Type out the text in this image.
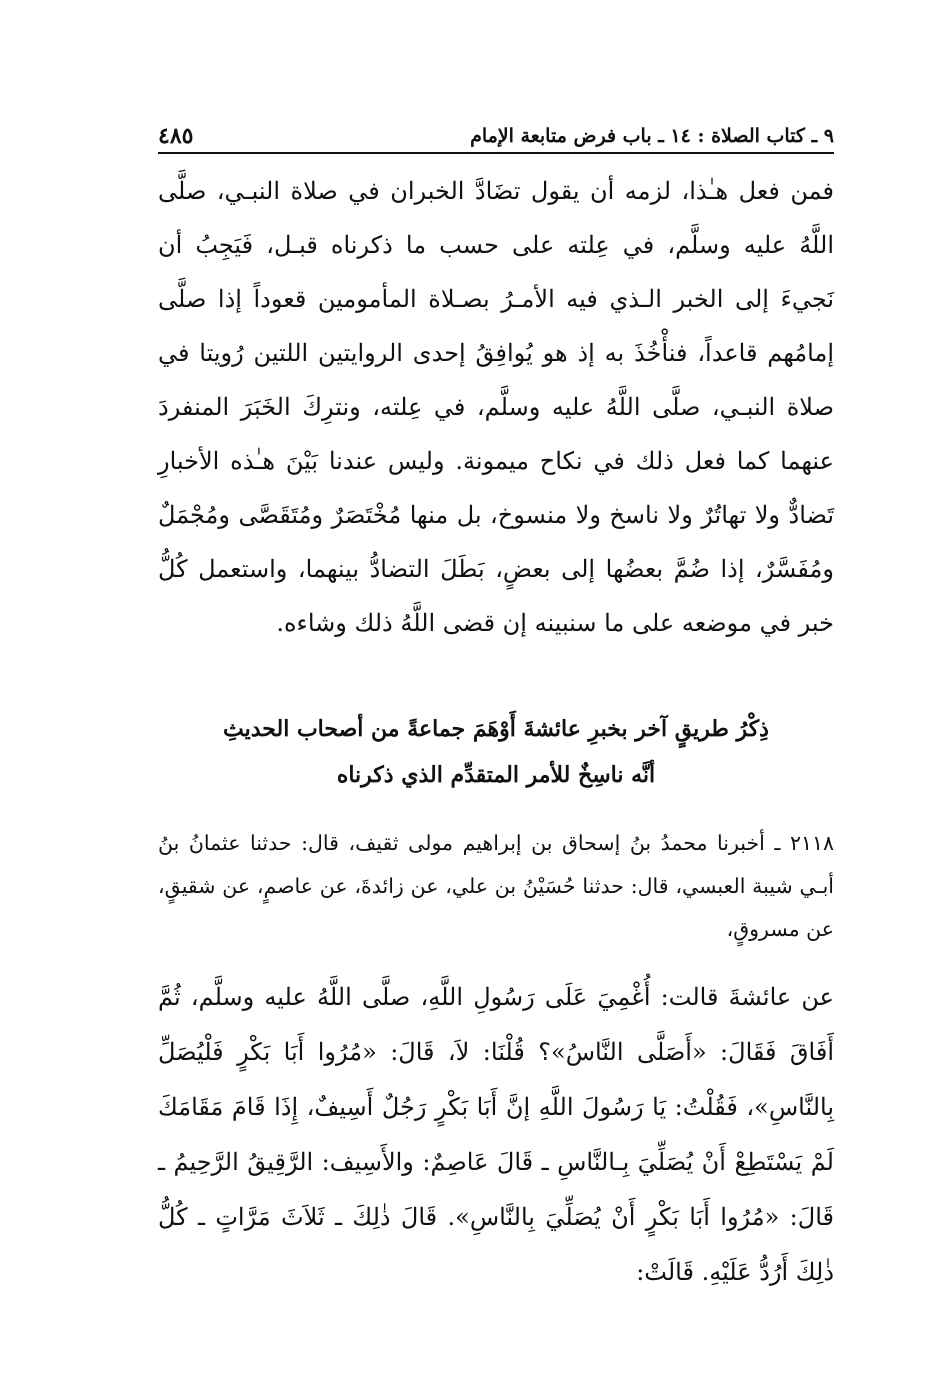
٩ ـ كتاب الصلاة : ١٤ ـ باب فرض متابعة الإمام
٤٨٥

فمن فعل هـٰذا، لزمه أن يقول تضَادَّ الخبران في صلاة النبـي، صلَّى اللَّهُ عليه وسلَّم، في عِلته على حسب ما ذكرناه قبـل، فَيَجِبُ أن نَجيءَ إلى الخبر الـذي فيه الأمـرُ بصـلاة المأمومين قعوداً إذا صلَّى إمامُهم قاعداً، فنأْخُذَ به إذ هو يُوافِقُ إحدى الروايتين اللتين رُويتا في صلاة النبـي، صلَّى اللَّهُ عليه وسلَّم، في عِلته، ونترِكَ الخَبَرَ المنفردَ عنهما كما فعل ذلك في نكاح ميمونة. وليس عندنا بَيْنَ هـٰذه الأخبارِ تَضادٌّ ولا تهاتُرٌ ولا ناسخ ولا منسوخ، بل منها مُخْتَصَرٌ ومُتَقَصَّى ومُجْمَلٌ ومُفَسَّرٌ، إذا ضُمَّ بعضُها إلى بعضٍ، بَطَلَ التضادُّ بينهما، واستعمل كُلُّ خبر في موضعه على ما سنبينه إن قضى اللَّهُ ذلك وشاءه.

ذِكْرُ طريقٍ آخر بخبرِ عائشةَ أَوْهَمَ جماعةً من أصحاب الحديثِ

أنَّه ناسِخٌ للأمر المتقدِّم الذي ذكرناه

٢١١٨ ـ أخبرنا محمدُ بنُ إسحاق بن إبراهيم مولى ثقيف، قال: حدثنا عثمانُ بنُ أبـي شيبة العبسي، قال: حدثنا حُسَيْنُ بن علي، عن زائدةَ، عن عاصمٍ، عن شقيقٍ، عن مسروقٍ،

عن عائشةَ قالت: أُغْمِيَ عَلَى رَسُولِ اللَّهِ، صلَّى اللَّهُ عليه وسلَّم، ثُمَّ أَفَاقَ فَقَالَ: «أَصَلَّى النَّاسُ»؟ قُلْنَا: لاَ، قَالَ: «مُرُوا أَبَا بَكْرٍ فَلْيُصَلِّ بِالنَّاسِ»، فَقُلْتُ: يَا رَسُولَ اللَّهِ إنَّ أَبَا بَكْرٍ رَجُلٌ أَسِيفٌ، إِذَا قَامَ مَقَامَكَ لَمْ يَسْتَطِعْ أَنْ يُصَلِّيَ بِـالنَّاسِ ـ قَالَ عَاصِمٌ: والأَسِيف: الرَّقِيقُ الرَّحِيمُ ـ قَالَ: «مُرُوا أَبَا بَكْرٍ أَنْ يُصَلِّيَ بِالنَّاسِ». قَالَ ذٰلِكَ ـ ثَلاَثَ مَرَّاتٍ ـ كُلُّ ذٰلِكَ أَرُدُّ عَلَيْهِ. قَالَتْ:
